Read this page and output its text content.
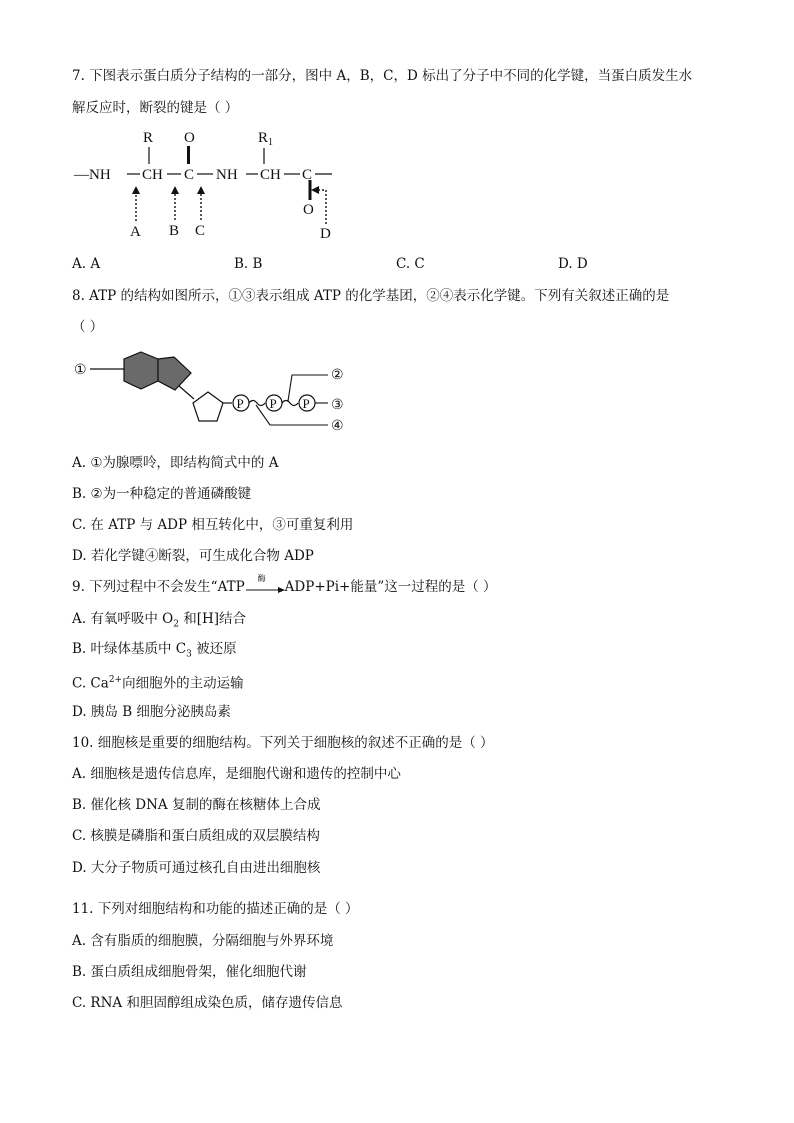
7. 下图表示蛋白质分子结构的一部分，图中 A，B，C，D 标出了分子中不同的化学键，当蛋白质发生水
解反应时，断裂的键是（ ）
—NH CH C NH CH C
R	$R_1$
O
O
A B C	D
A. A	B. B	C. C	D. D
8. ATP 的结构如图所示，①③表示组成 ATP 的化学基团，②④表示化学键。下列有关叙述正确的是
（ ）
①	②
③
④
P P P
A. ①为腺嘌呤，即结构简式中的 A
B. ②为一种稳定的普通磷酸键
C. 在 ATP 与 ADP 相互转化中，③可重复利用
D. 若化学键④断裂，可生成化合物 ADP
9. 下列过程中不会发生“ATP
酶
ADP+Pi+能量”这一过程的是（ ）
A. 有氧呼吸中 $O_2$ 和[H]结合
B. 叶绿体基质中 $C_3$ 被还原
C. $Ca^{2+}$向细胞外的主动运输
D. 胰岛 B 细胞分泌胰岛素
10. 细胞核是重要的细胞结构。下列关于细胞核的叙述不正确的是（ ）
A. 细胞核是遗传信息库，是细胞代谢和遗传的控制中心
B. 催化核 DNA 复制的酶在核糖体上合成
C. 核膜是磷脂和蛋白质组成的双层膜结构
D. 大分子物质可通过核孔自由进出细胞核
11. 下列对细胞结构和功能的描述正确的是（ ）
A. 含有脂质的细胞膜，分隔细胞与外界环境
B. 蛋白质组成细胞骨架，催化细胞代谢
C. RNA 和胆固醇组成染色质，储存遗传信息
